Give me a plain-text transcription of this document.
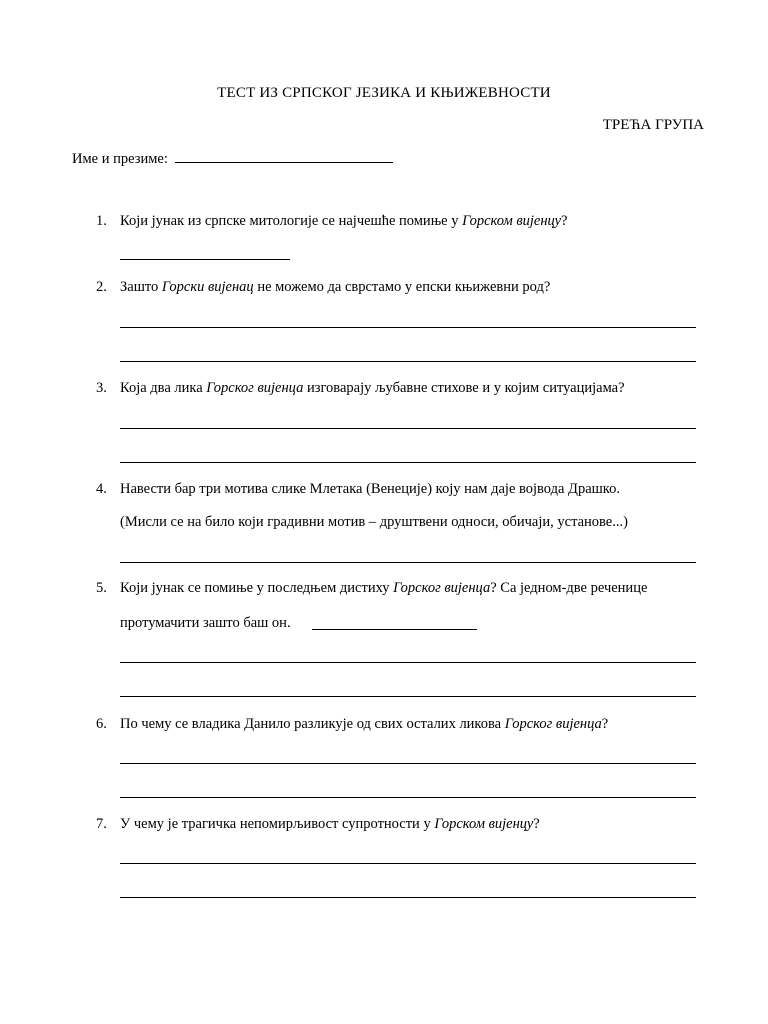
ТЕСТ ИЗ СРПСКОГ ЈЕЗИКА И КЊИЖЕВНОСТИ
ТРЕЋА ГРУПА
Име и презиме:
1. Који јунак из српске митологије се најчешће помиње у Горском вијенцу?
2. Зашто Горски вијенац не можемо да сврстамо у епски књижевни род?
3. Која два лика Горског вијенца изговарају љубавне стихове и у којим ситуацијама?
4. Навести бар три мотива слике Млетака (Венеције) коју нам даје војвода Драшко.
(Мисли се на било који градивни мотив – друштвени односи, обичаји, установе...)
5. Који јунак се помиње у последњем дистиху Горског вијенца? Са једном-две реченице
протумачити зашто баш он.
6. По чему се владика Данило разликује од свих осталих ликова Горског вијенца?
7. У чему је трагичка непомирљивост супротности у Горском вијенцу?
